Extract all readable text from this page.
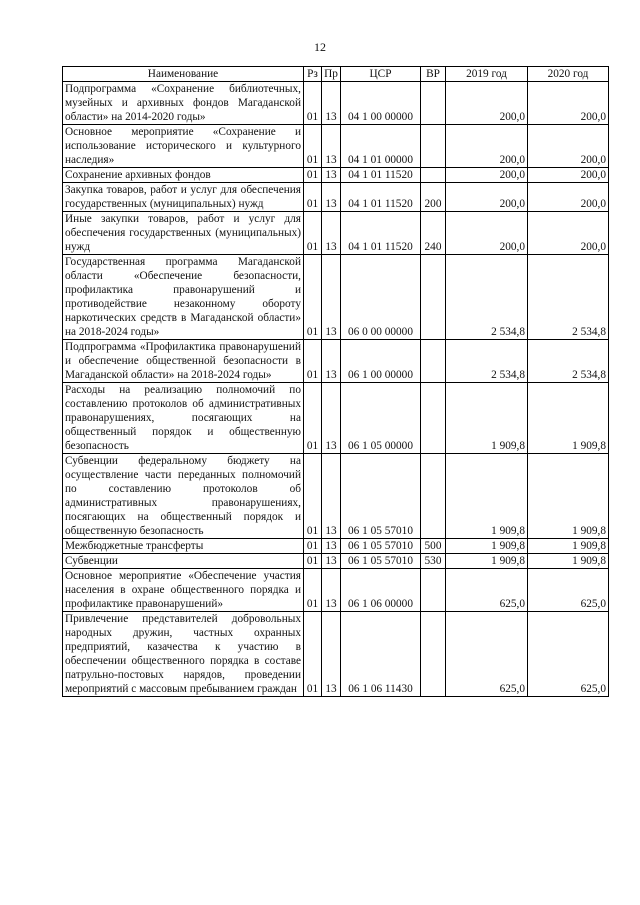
12
Наименование	Рз	Пр	ЦСР	ВР	2019 год	2020 год
Подпрограмма «Сохранение библиотечных, музейных и архивных фондов Магаданской области» на 2014-2020 годы»	01	13	04 1 00 00000		200,0	200,0
Основное мероприятие «Сохранение и использование исторического и культурного наследия»	01	13	04 1 01 00000		200,0	200,0
Сохранение архивных фондов	01	13	04 1 01 11520		200,0	200,0
Закупка товаров, работ и услуг для обеспечения государственных (муниципальных) нужд	01	13	04 1 01 11520	200	200,0	200,0
Иные закупки товаров, работ и услуг для обеспечения государственных (муниципальных) нужд	01	13	04 1 01 11520	240	200,0	200,0
Государственная программа Магаданской области «Обеспечение безопасности, профилактика правонарушений и противодействие незаконному обороту наркотических средств в Магаданской области» на 2018-2024 годы»	01	13	06 0 00 00000		2 534,8	2 534,8
Подпрограмма «Профилактика правонарушений и обеспечение общественной безопасности в Магаданской области» на 2018-2024 годы»	01	13	06 1 00 00000		2 534,8	2 534,8
Расходы на реализацию полномочий по составлению протоколов об административных правонарушениях, посягающих на общественный порядок и общественную безопасность	01	13	06 1 05 00000		1 909,8	1 909,8
Субвенции федеральному бюджету на осуществление части переданных полномочий по составлению протоколов об административных правонарушениях, посягающих на общественный порядок и общественную безопасность	01	13	06 1 05 57010		1 909,8	1 909,8
Межбюджетные трансферты	01	13	06 1 05 57010	500	1 909,8	1 909,8
Субвенции	01	13	06 1 05 57010	530	1 909,8	1 909,8
Основное мероприятие «Обеспечение участия населения в охране общественного порядка и профилактике правонарушений»	01	13	06 1 06 00000		625,0	625,0
Привлечение представителей добровольных народных дружин, частных охранных предприятий, казачества к участию в обеспечении общественного порядка в составе патрульно-постовых нарядов, проведении мероприятий с массовым пребыванием граждан	01	13	06 1 06 11430		625,0	625,0
